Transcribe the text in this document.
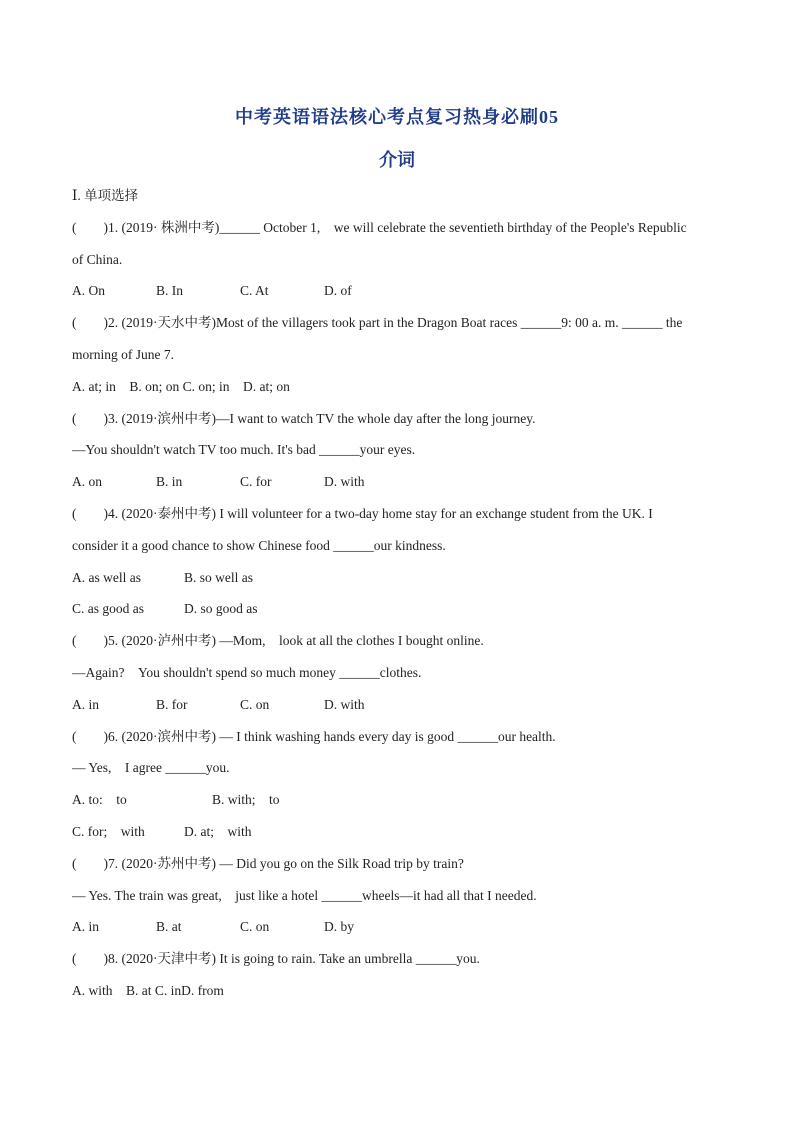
中考英语语法核心考点复习热身必刷05
介词
Ⅰ. 单项选择
(　　)1. (2019· 株洲中考)______ October 1,　we will celebrate the seventieth birthday of the People's Republic
of China.
A. On	B. In	C. At	D. of
(　　)2. (2019·天水中考)Most of the villagers took part in the Dragon Boat races ______9: 00 a. m. ______ the
morning of June 7.
A. at; in　B. on; on C. on; in　D. at; on
(　　)3. (2019·滨州中考)—I want to watch TV the whole day after the long journey.
—You shouldn't watch TV too much. It's bad ______your eyes.
A. on	B. in	C. for	D. with
(　　)4. (2020·泰州中考) I will volunteer for a two-day home stay for an exchange student from the UK. I
consider it a good chance to show Chinese food ______our kindness.
A. as well as	B. so well as
C. as good as	D. so good as
(　　)5. (2020·泸州中考) —Mom,　look at all the clothes I bought online.
—Again?　You shouldn't spend so much money ______clothes.
A. in	B. for	C. on	D. with
(　　)6. (2020·滨州中考) — I think washing hands every day is good ______our health.
— Yes,　I agree ______you.
A. to:　to	B. with;　to
C. for;　with	D. at;　with
(　　)7. (2020·苏州中考) — Did you go on the Silk Road trip by train?
— Yes. The train was great,　just like a hotel ______wheels—it had all that I needed.
A. in	B. at	C. on	D. by
(　　)8. (2020·天津中考) It is going to rain. Take an umbrella ______you.
A. with　B. at C. inD. from
